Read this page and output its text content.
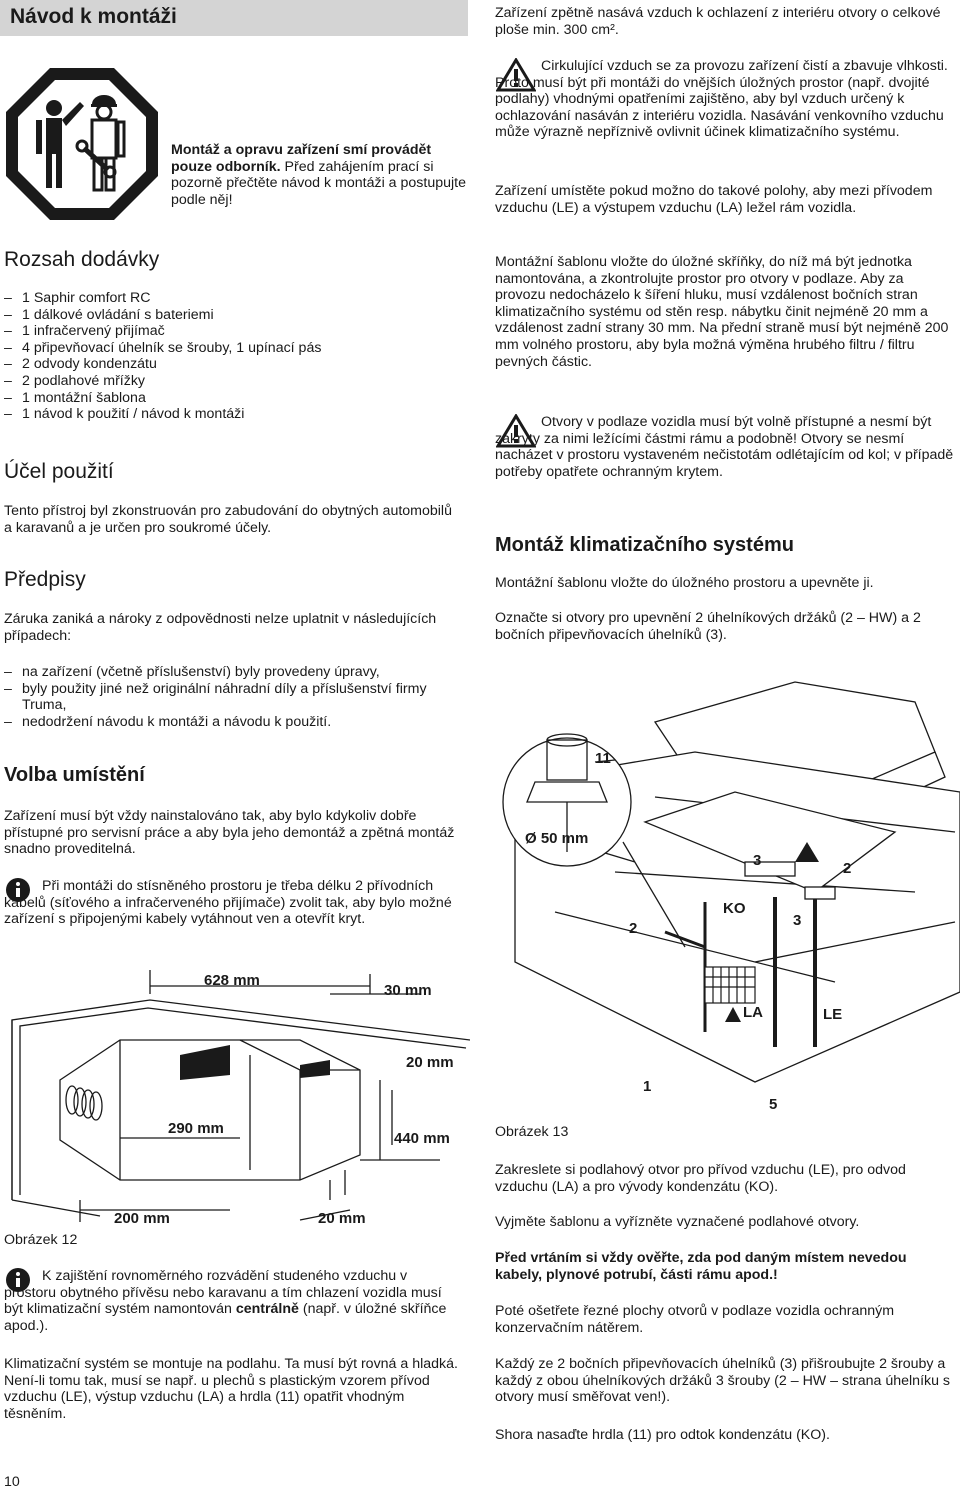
Návod k montáži
Montáž a opravu zařízení smí provádět pouze odborník. Před zahájením prací si pozorně přečtěte návod k montáži a postupujte podle něj!
Rozsah dodávky
– 1 Saphir comfort RC
– 1 dálkové ovládání s bateriemi
– 1 infračervený přijímač
– 4 připevňovací úhelník se šrouby, 1 upínací pás
– 2 odvody kondenzátu
– 2 podlahové mřížky
– 1 montážní šablona
– 1 návod k použití / návod k montáži
Účel použití

Tento přístroj byl zkonstruován pro zabudování do obytných automobilů a karavanů a je určen pro soukromé účely.

Předpisy

Záruka zaniká a nároky z odpovědnosti nelze uplatnit v následujících případech:

– na zařízení (včetně příslušenství) byly provedeny úpravy,
– byly použity jiné než originální náhradní díly a příslušenství firmy Truma,
– nedodržení návodu k montáži a návodu k použití.
Volba umístění

Zařízení musí být vždy nainstalováno tak, aby bylo kdykoliv dobře přístupné pro servisní práce a aby byla jeho demontáž a zpětná montáž snadno proveditelná.

Při montáži do stísněného prostoru je třeba délku 2 přívodních kabelů (síťového a infračerveného přijímače) zvolit tak, aby bylo možné zařízení s připojenými kabely vytáhnout ven a otevřít kryt.

628 mm
30 mm
20 mm
290 mm
440 mm
200 mm	20 mm
Obrázek 12

K zajištění rovnoměrného rozvádění studeného vzduchu v prostoru obytného přívěsu nebo karavanu a tím chlazení vozidla musí být klimatizační systém namontován centrálně (např. v úložné skříňce apod.).

Klimatizační systém se montuje na podlahu. Ta musí být rovná a hladká. Není-li tomu tak, musí se např. u plechů s plastickým vzorem přívod vzduchu (LE), výstup vzduchu (LA) a hrdla (11) opatřit vhodným těsněním.

10

Zařízení zpětně nasává vzduch k ochlazení z interiéru otvory o celkové ploše min. 300 cm².

Cirkulující vzduch se za provozu zařízení čistí a zbavuje vlhkosti. Proto musí být při montáži do vnějších úložných prostor (např. dvojité podlahy) vhodnými opatřeními zajištěno, aby byl vzduch určený k ochlazování nasáván z interiéru vozidla. Nasávání venkovního vzduchu může výrazně nepříznivě ovlivnit účinek klimatizačního systému.

Zařízení umístěte pokud možno do takové polohy, aby mezi přívodem vzduchu (LE) a výstupem vzduchu (LA) ležel rám vozidla.

Montážní šablonu vložte do úložné skříňky, do níž má být jednotka namontována, a zkontrolujte prostor pro otvory v podlaze. Aby za provozu nedocházelo k šíření hluku, musí vzdálenost bočních stran klimatizačního systému od stěn resp. nábytku činit nejméně 20 mm a vzdálenost zadní strany 30 mm. Na přední straně musí být nejméně 200 mm volného prostoru, aby byla možná výměna hrubého filtru / filtru pevných částic.

Otvory v podlaze vozidla musí být volně přístupné a nesmí být zakryty za nimi ležícími částmi rámu a podobně! Otvory se nesmí nacházet v prostoru vystaveném nečistotám odlétajícím od kol; v případě potřeby opatřete ochranným krytem.

Montáž klimatizačního systému

Montážní šablonu vložte do úložného prostoru a upevněte ji.

Označte si otvory pro upevnění 2 úhelníkových držáků (2 – HW) a 2 bočních připevňovacích úhelníků (3).

11
Ø 50 mm
3	2
KO
2	3
LA	LE
1
5
Obrázek 13

Zakreslete si podlahový otvor pro přívod vzduchu (LE), pro odvod vzduchu (LA) a pro vývody kondenzátu (KO).

Vyjměte šablonu a vyřízněte vyznačené podlahové otvory.

Před vrtáním si vždy ověřte, zda pod daným místem nevedou kabely, plynové potrubí, části rámu apod.!

Poté ošetřete řezné plochy otvorů v podlaze vozidla ochranným konzervačním nátěrem.

Každý ze 2 bočních připevňovacích úhelníků (3) přišroubujte 2 šrouby a každý z obou úhelníkových držáků 3 šrouby (2 – HW – strana úhelníku s otvory musí směřovat ven!).

Shora nasaďte hrdla (11) pro odtok kondenzátu (KO).
